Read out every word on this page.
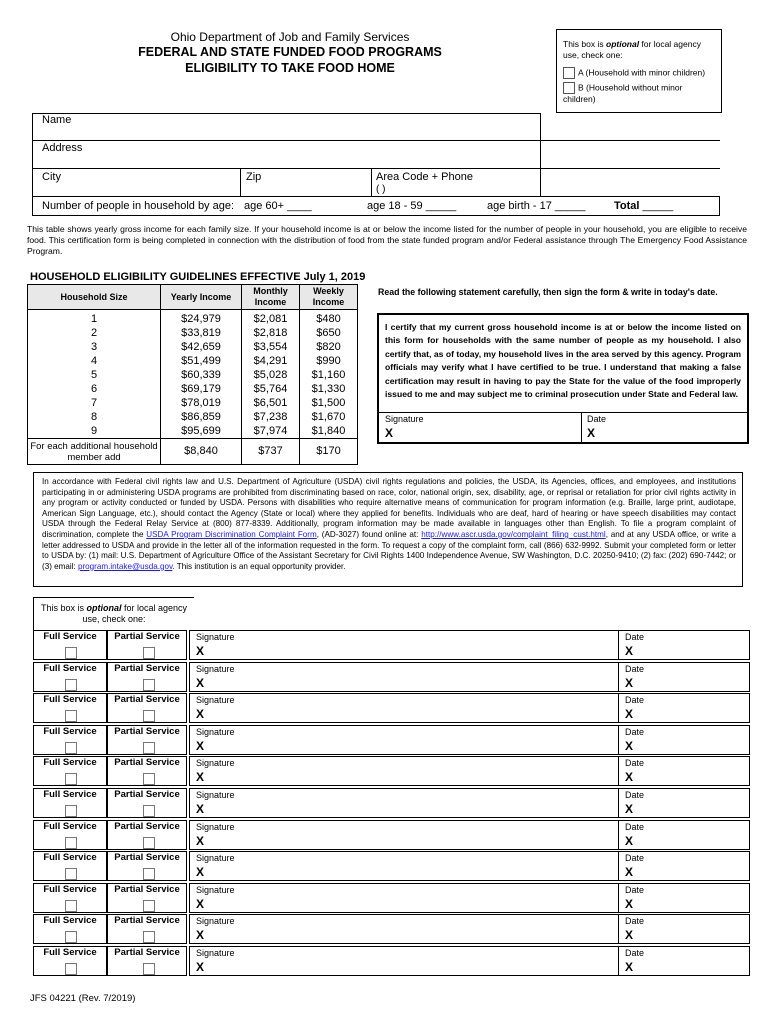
Ohio Department of Job and Family Services
FEDERAL AND STATE FUNDED FOOD PROGRAMS
ELIGIBILITY TO TAKE FOOD HOME
This box is optional for local agency use, check one:
A (Household with minor children)
B (Household without minor children)
Name
Address
City	Zip	Area Code + Phone
( )
Number of people in household by age: age 60+ ____	age 18 - 59 _____	age birth - 17 _____	Total _____
This table shows yearly gross income for each family size. If your household income is at or below the income listed for the number of people in your household, you are eligible to receive food. This certification form is being completed in connection with the distribution of food from the state funded program and/or Federal assistance through The Emergency Food Assistance Program.
HOUSEHOLD ELIGIBILITY GUIDELINES EFFECTIVE July 1, 2019
Household Size	Yearly Income	Monthly Income	Weekly Income
1	$24,979	$2,081	$480
2	$33,819	$2,818	$650
3	$42,659	$3,554	$820
4	$51,499	$4,291	$990
5	$60,339	$5,028	$1,160
6	$69,179	$5,764	$1,330
7	$78,019	$6,501	$1,500
8	$86,859	$7,238	$1,670
9	$95,699	$7,974	$1,840
For each additional household member add	$8,840	$737	$170
Read the following statement carefully, then sign the form & write in today's date.
I certify that my current gross household income is at or below the income listed on this form for households with the same number of people as my household. I also certify that, as of today, my household lives in the area served by this agency. Program officials may verify what I have certified to be true. I understand that making a false certification may result in having to pay the State for the value of the food improperly issued to me and may subject me to criminal prosecution under State and Federal law.
Signature
X
Date
X
In accordance with Federal civil rights law and U.S. Department of Agriculture (USDA) civil rights regulations and policies, the USDA, its Agencies, offices, and employees, and institutions participating in or administering USDA programs are prohibited from discriminating based on race, color, national origin, sex, disability, age, or reprisal or retaliation for prior civil rights activity in any program or activity conducted or funded by USDA. Persons with disabilities who require alternative means of communication for program information (e.g. Braille, large print, audiotape, American Sign Language, etc.), should contact the Agency (State or local) where they applied for benefits. Individuals who are deaf, hard of hearing or have speech disabilities may contact USDA through the Federal Relay Service at (800) 877-8339. Additionally, program information may be made available in languages other than English. To file a program complaint of discrimination, complete the USDA Program Discrimination Complaint Form, (AD-3027) found online at: http://www.ascr.usda.gov/complaint_filing_cust.html, and at any USDA office, or write a letter addressed to USDA and provide in the letter all of the information requested in the form. To request a copy of the complaint form, call (866) 632-9992. Submit your completed form or letter to USDA by: (1) mail: U.S. Department of Agriculture Office of the Assistant Secretary for Civil Rights 1400 Independence Avenue, SW Washington, D.C. 20250-9410; (2) fax: (202) 690-7442; or (3) email: program.intake@usda.gov. This institution is an equal opportunity provider.
This box is optional for local agency use, check one:
Full Service	Partial Service	Signature
X
Date
X
Full Service	Partial Service	Signature
X
Date
X
Full Service	Partial Service	Signature
X
Date
X
Full Service	Partial Service	Signature
X
Date
X
Full Service	Partial Service	Signature
X
Date
X
Full Service	Partial Service	Signature
X
Date
X
Full Service	Partial Service	Signature
X
Date
X
Full Service	Partial Service	Signature
X
Date
X
Full Service	Partial Service	Signature
X
Date
X
Full Service	Partial Service	Signature
X
Date
X
Full Service	Partial Service	Signature
X
Date
X
JFS 04221 (Rev. 7/2019)
